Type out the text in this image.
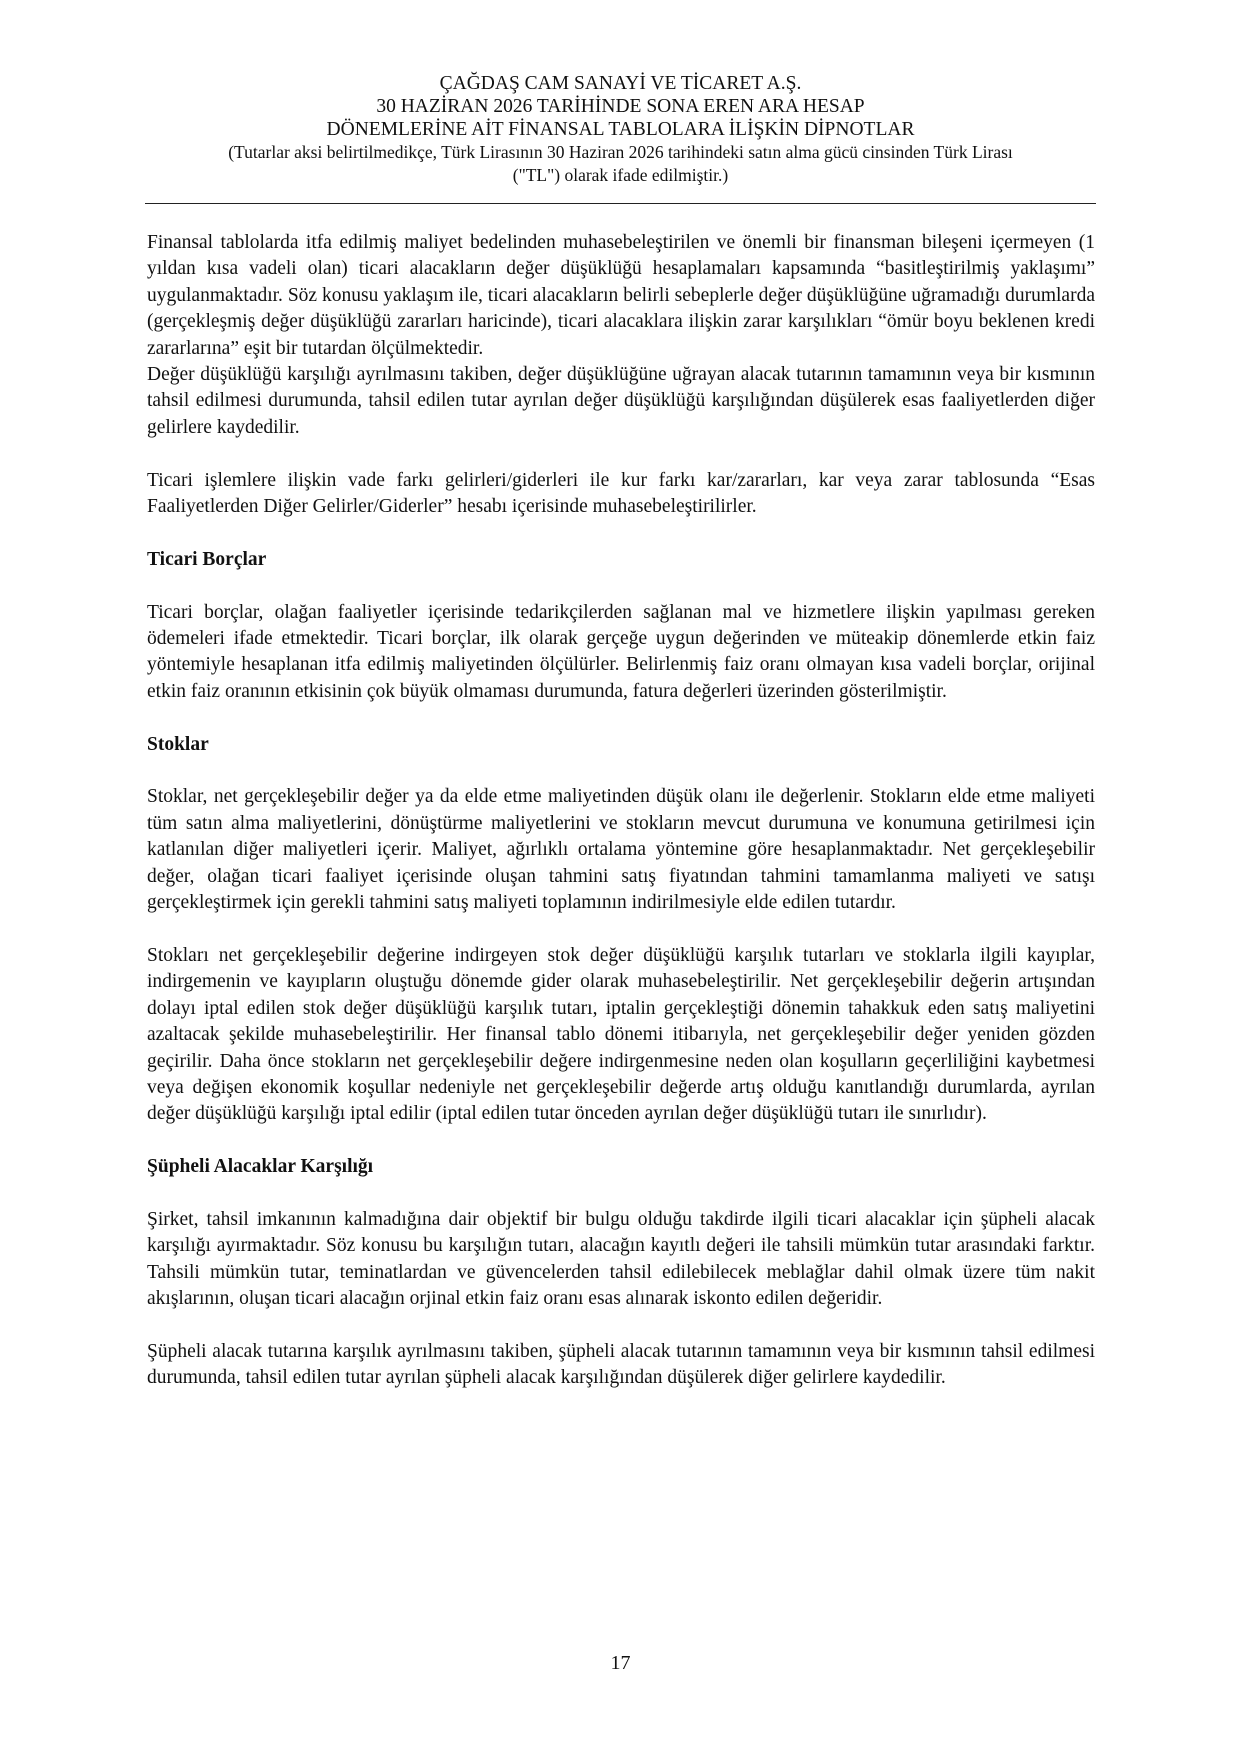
ÇAĞDAŞ CAM SANAYİ VE TİCARET A.Ş.
30 HAZİRAN 2026 TARİHİNDE SONA EREN ARA HESAP
DÖNEMLERİNE AİT FİNANSAL TABLOLARA İLİŞKİN DİPNOTLAR
(Tutarlar aksi belirtilmedikçe, Türk Lirasının 30 Haziran 2026 tarihindeki satın alma gücü cinsinden Türk Lirası
("TL") olarak ifade edilmiştir.)

Finansal tablolarda itfa edilmiş maliyet bedelinden muhasebeleştirilen ve önemli bir finansman bileşeni içermeyen (1 yıldan kısa vadeli olan) ticari alacakların değer düşüklüğü hesaplamaları kapsamında “basitleştirilmiş yaklaşımı” uygulanmaktadır. Söz konusu yaklaşım ile, ticari alacakların belirli sebeplerle değer düşüklüğüne uğramadığı durumlarda (gerçekleşmiş değer düşüklüğü zararları haricinde), ticari alacaklara ilişkin zarar karşılıkları “ömür boyu beklenen kredi zararlarına” eşit bir tutardan ölçülmektedir.

Değer düşüklüğü karşılığı ayrılmasını takiben, değer düşüklüğüne uğrayan alacak tutarının tamamının veya bir kısmının tahsil edilmesi durumunda, tahsil edilen tutar ayrılan değer düşüklüğü karşılığından düşülerek esas faaliyetlerden diğer gelirlere kaydedilir.

Ticari işlemlere ilişkin vade farkı gelirleri/giderleri ile kur farkı kar/zararları, kar veya zarar tablosunda “Esas Faaliyetlerden Diğer Gelirler/Giderler” hesabı içerisinde muhasebeleştirilirler.

Ticari Borçlar

Ticari borçlar, olağan faaliyetler içerisinde tedarikçilerden sağlanan mal ve hizmetlere ilişkin yapılması gereken ödemeleri ifade etmektedir. Ticari borçlar, ilk olarak gerçeğe uygun değerinden ve müteakip dönemlerde etkin faiz yöntemiyle hesaplanan itfa edilmiş maliyetinden ölçülürler. Belirlenmiş faiz oranı olmayan kısa vadeli borçlar, orijinal etkin faiz oranının etkisinin çok büyük olmaması durumunda, fatura değerleri üzerinden gösterilmiştir.

Stoklar

Stoklar, net gerçekleşebilir değer ya da elde etme maliyetinden düşük olanı ile değerlenir. Stokların elde etme maliyeti tüm satın alma maliyetlerini, dönüştürme maliyetlerini ve stokların mevcut durumuna ve konumuna getirilmesi için katlanılan diğer maliyetleri içerir. Maliyet, ağırlıklı ortalama yöntemine göre hesaplanmaktadır. Net gerçekleşebilir değer, olağan ticari faaliyet içerisinde oluşan tahmini satış fiyatından tahmini tamamlanma maliyeti ve satışı gerçekleştirmek için gerekli tahmini satış maliyeti toplamının indirilmesiyle elde edilen tutardır.

Stokları net gerçekleşebilir değerine indirgeyen stok değer düşüklüğü karşılık tutarları ve stoklarla ilgili kayıplar, indirgemenin ve kayıpların oluştuğu dönemde gider olarak muhasebeleştirilir. Net gerçekleşebilir değerin artışından dolayı iptal edilen stok değer düşüklüğü karşılık tutarı, iptalin gerçekleştiği dönemin tahakkuk eden satış maliyetini azaltacak şekilde muhasebeleştirilir. Her finansal tablo dönemi itibarıyla, net gerçekleşebilir değer yeniden gözden geçirilir. Daha önce stokların net gerçekleşebilir değere indirgenmesine neden olan koşulların geçerliliğini kaybetmesi veya değişen ekonomik koşullar nedeniyle net gerçekleşebilir değerde artış olduğu kanıtlandığı durumlarda, ayrılan değer düşüklüğü karşılığı iptal edilir (iptal edilen tutar önceden ayrılan değer düşüklüğü tutarı ile sınırlıdır).

Şüpheli Alacaklar Karşılığı

Şirket, tahsil imkanının kalmadığına dair objektif bir bulgu olduğu takdirde ilgili ticari alacaklar için şüpheli alacak karşılığı ayırmaktadır. Söz konusu bu karşılığın tutarı, alacağın kayıtlı değeri ile tahsili mümkün tutar arasındaki farktır. Tahsili mümkün tutar, teminatlardan ve güvencelerden tahsil edilebilecek meblağlar dahil olmak üzere tüm nakit akışlarının, oluşan ticari alacağın orjinal etkin faiz oranı esas alınarak iskonto edilen değeridir.

Şüpheli alacak tutarına karşılık ayrılmasını takiben, şüpheli alacak tutarının tamamının veya bir kısmının tahsil edilmesi durumunda, tahsil edilen tutar ayrılan şüpheli alacak karşılığından düşülerek diğer gelirlere kaydedilir.

17
